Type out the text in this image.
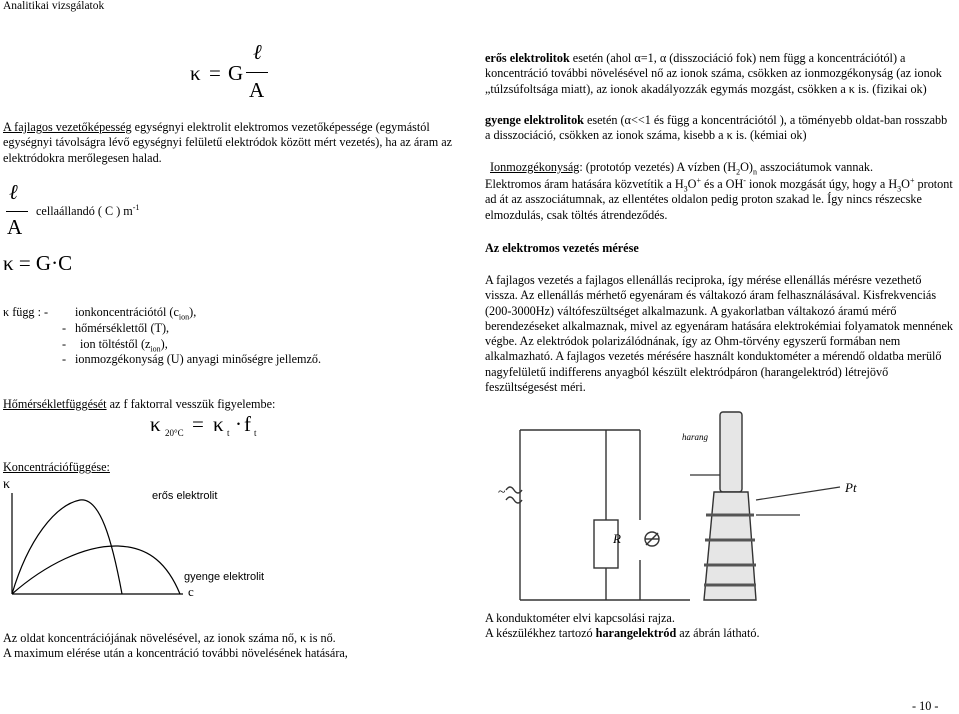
Analitikai vizsgálatok
κ = G
ℓ
A
A fajlagos vezetőképesség egységnyi elektrolit elektromos vezetőképessége (egymástól egységnyi távolságra lévő egységnyi felületű elektródok között mért vezetés), ha az áram az elektródokra merőlegesen halad.
ℓ
A
cellaállandó ( C ) $m^{-1}$
κ = G·C
κ függ : - ionkoncentrációtól $(c_{ion})$,
- hőmérséklettől (T),
- ion töltéstől $(z_{ion})$,
- ionmozgékonyság (U) anyagi minőségre jellemző.
Hőmérsékletfüggését az f faktorral vesszük figyelembe:
κ 20°C = κ t · f t
Koncentrációfüggése:
κ
erős elektrolit
gyenge elektrolit
c
Az oldat koncentrációjának növelésével, az ionok száma nő, κ is nő.
A maximum elérése után a koncentráció további növelésének hatására,
erős elektrolitok esetén (ahol α=1, α (disszociáció fok) nem függ a koncentrációtól) a koncentráció további növelésével nő az ionok száma, csökken az ionmozgékonyság (az ionok „túlzsúfoltsága miatt), az ionok akadályozzák egymás mozgást, csökken a κ is. (fizikai ok)
gyenge elektrolitok esetén (α<<1 és függ a koncentrációtól ), a töményebb oldat-ban rosszabb a disszociáció, csökken az ionok száma, kisebb a κ is. (kémiai ok)
Ionmozgékonyság: (prototóp vezetés) A vízben $(H_2O)_n$ asszociátumok vannak.
Elektromos áram hatására közvetítik a $H_3O^+$ és a OH- ionok mozgását úgy, hogy a $H_3O^+$ protont ad át az asszociátumnak, az ellentétes oldalon pedig proton szakad le. Így nincs részecske elmozdulás, csak töltés átrendeződés.
Az elektromos vezetés mérése
A fajlagos vezetés a fajlagos ellenállás reciproka, így mérése ellenállás mérésre vezethető vissza. Az ellenállás mérhető egyenáram és váltakozó áram felhasználásával. Kisfrekvenciás (200-3000Hz) váltófeszültséget alkalmazunk. A gyakorlatban váltakozó áramú mérő berendezéseket alkalmaznak, mivel az egyenáram hatására elektrokémiai folyamatok mennének végbe. Az elektródok polarizálódnának, így az Ohm-törvény egyszerű formában nem alkalmazható. A fajlagos vezetés mérésére használt konduktométer a mérendő oldatba merülő nagyfelületű indifferens anyagból készült elektródpáron (harangelektród) létrejövő feszültségesést méri.
~
R
Pt
harang
A konduktométer elvi kapcsolási rajza.
A készülékhez tartozó harangelektród az ábrán látható.
- 10 -
